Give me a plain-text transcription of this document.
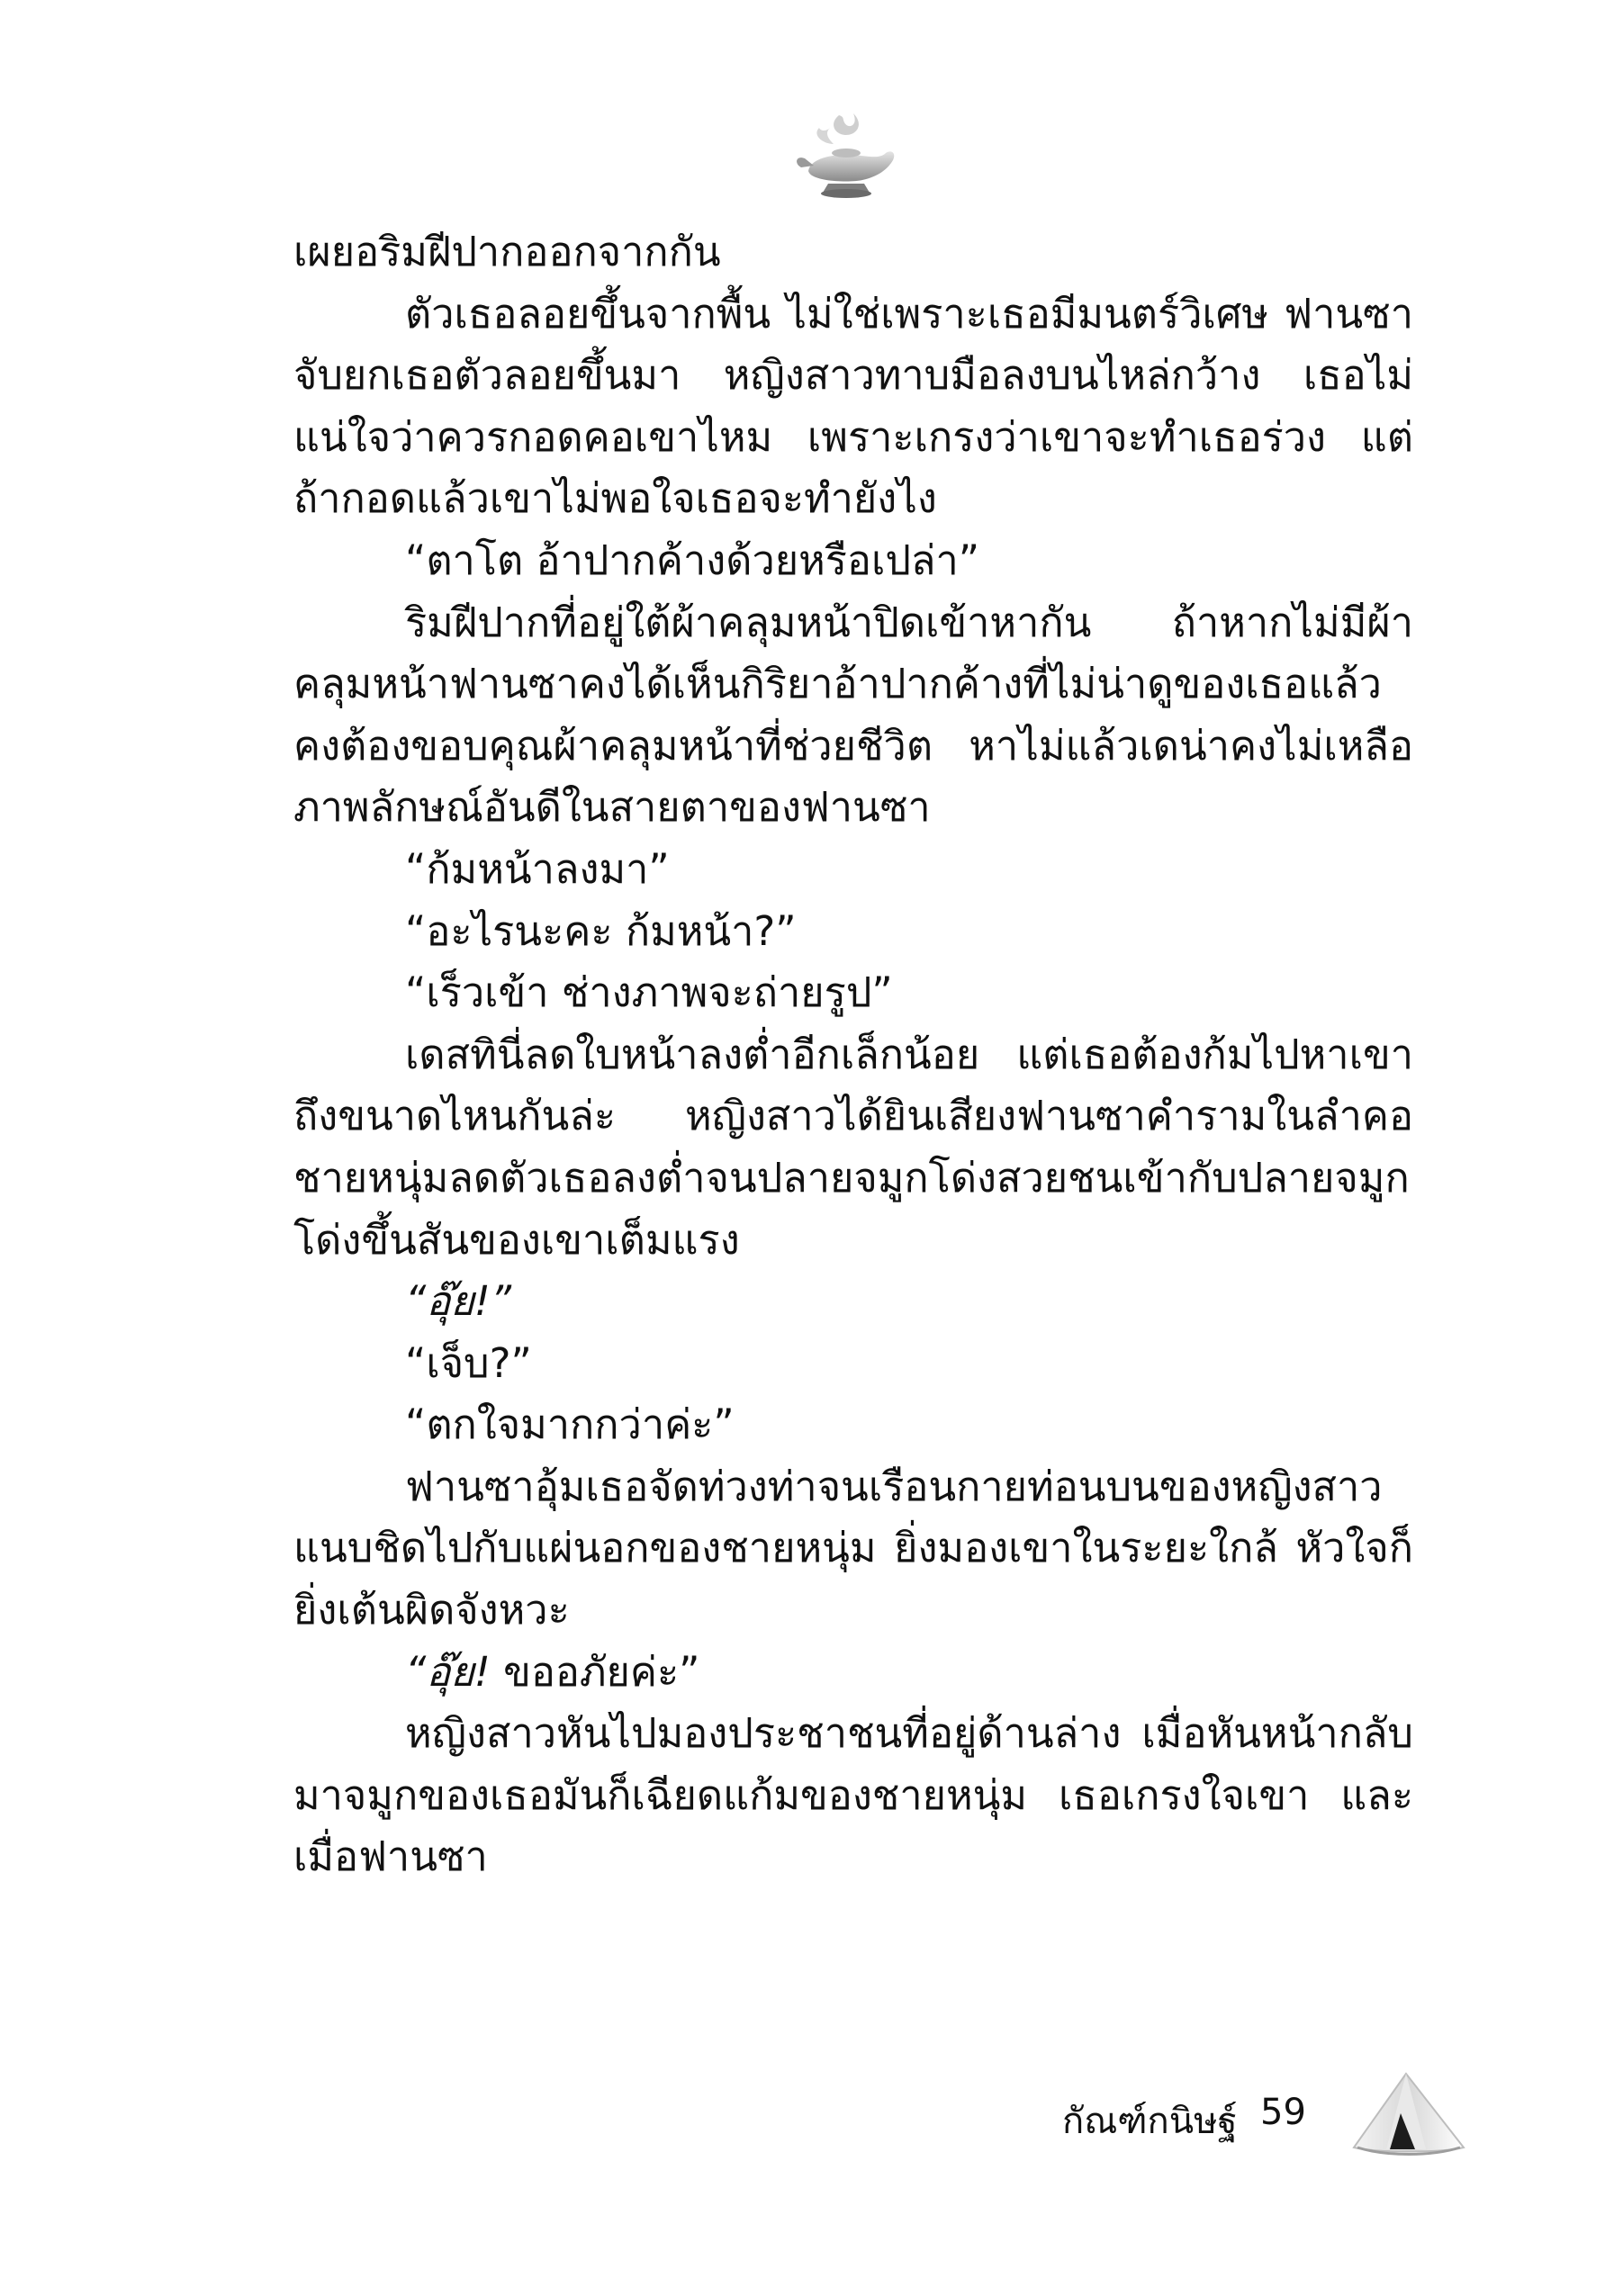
เผยอริมฝีปากออกจากกัน

ตัวเธอลอยขึ้นจากพื้น ไม่ใช่เพราะเธอมีมนตร์วิเศษ ฟานซาจับยกเธอตัวลอยขึ้นมา หญิงสาวทาบมือลงบนไหล่กว้าง เธอไม่แน่ใจว่าควรกอดคอเขาไหม เพราะเกรงว่าเขาจะทำเธอร่วง แต่ถ้ากอดแล้วเขาไม่พอใจเธอจะทำยังไง

“ตาโต อ้าปากค้างด้วยหรือเปล่า”

ริมฝีปากที่อยู่ใต้ผ้าคลุมหน้าปิดเข้าหากัน ถ้าหากไม่มีผ้าคลุมหน้าฟานซาคงได้เห็นกิริยาอ้าปากค้างที่ไม่น่าดูของเธอแล้ว คงต้องขอบคุณผ้าคลุมหน้าที่ช่วยชีวิต หาไม่แล้วเดน่าคงไม่เหลือภาพลักษณ์อันดีในสายตาของฟานซา

“ก้มหน้าลงมา”

“อะไรนะคะ ก้มหน้า?”

“เร็วเข้า ช่างภาพจะถ่ายรูป”

เดสทินี่ลดใบหน้าลงต่ำอีกเล็กน้อย แต่เธอต้องก้มไปหาเขาถึงขนาดไหนกันล่ะ หญิงสาวได้ยินเสียงฟานซาคำรามในลำคอ ชายหนุ่มลดตัวเธอลงต่ำจนปลายจมูกโด่งสวยชนเข้ากับปลายจมูกโด่งขึ้นสันของเขาเต็มแรง

“อุ๊ย!”

“เจ็บ?”

“ตกใจมากกว่าค่ะ”

ฟานซาอุ้มเธอจัดท่วงท่าจนเรือนกายท่อนบนของหญิงสาวแนบชิดไปกับแผ่นอกของชายหนุ่ม ยิ่งมองเขาในระยะใกล้ หัวใจก็ยิ่งเต้นผิดจังหวะ

“อุ๊ย! ขออภัยค่ะ”

หญิงสาวหันไปมองประชาชนที่อยู่ด้านล่าง เมื่อหันหน้ากลับมาจมูกของเธอมันก็เฉียดแก้มของชายหนุ่ม เธอเกรงใจเขา และเมื่อฟานซา

กัณฑ์กนิษฐ์ 59
